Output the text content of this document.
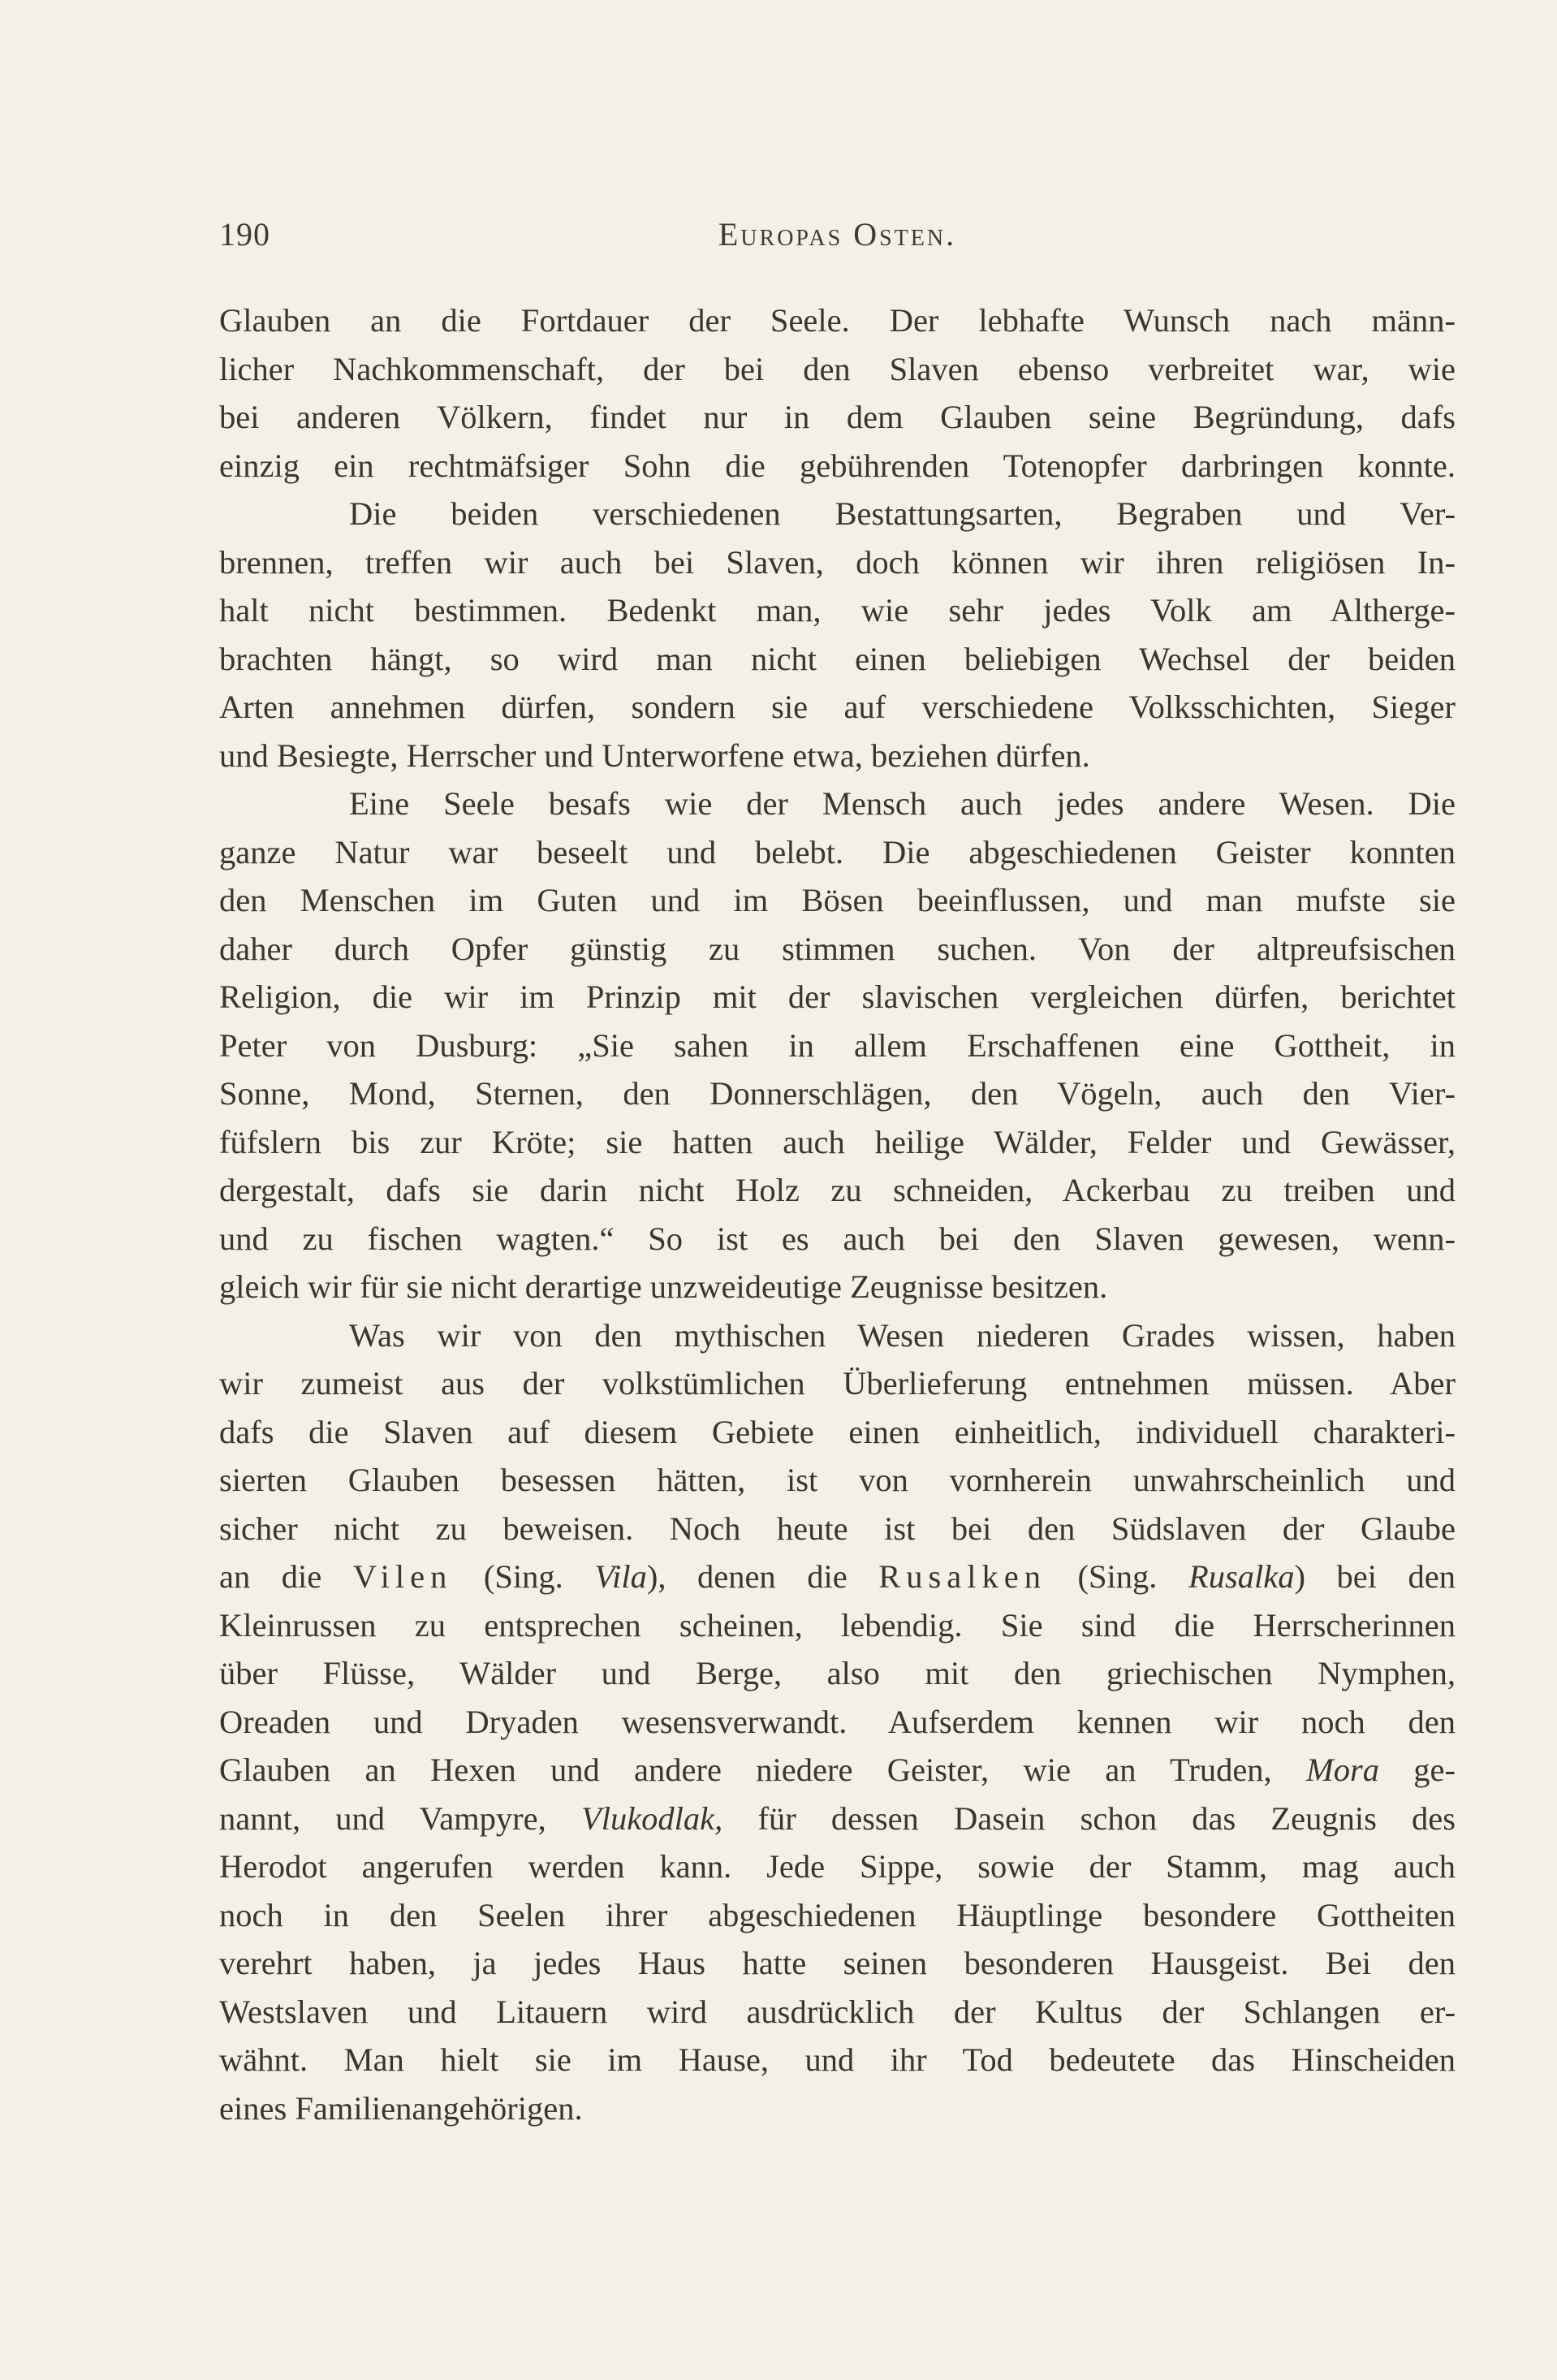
190	Europas Osten.
Glauben an die Fortdauer der Seele. Der lebhafte Wunsch nach männ-
licher Nachkommenschaft, der bei den Slaven ebenso verbreitet war, wie
bei anderen Völkern, findet nur in dem Glauben seine Begründung, dafs
einzig ein rechtmäfsiger Sohn die gebührenden Totenopfer darbringen konnte.
Die beiden verschiedenen Bestattungsarten, Begraben und Ver-
brennen, treffen wir auch bei Slaven, doch können wir ihren religiösen In-
halt nicht bestimmen. Bedenkt man, wie sehr jedes Volk am Altherge-
brachten hängt, so wird man nicht einen beliebigen Wechsel der beiden
Arten annehmen dürfen, sondern sie auf verschiedene Volksschichten, Sieger
und Besiegte, Herrscher und Unterworfene etwa, beziehen dürfen.
Eine Seele besafs wie der Mensch auch jedes andere Wesen. Die
ganze Natur war beseelt und belebt. Die abgeschiedenen Geister konnten
den Menschen im Guten und im Bösen beeinflussen, und man mufste sie
daher durch Opfer günstig zu stimmen suchen. Von der altpreufsischen
Religion, die wir im Prinzip mit der slavischen vergleichen dürfen, berichtet
Peter von Dusburg: „Sie sahen in allem Erschaffenen eine Gottheit, in
Sonne, Mond, Sternen, den Donnerschlägen, den Vögeln, auch den Vier-
füfslern bis zur Kröte; sie hatten auch heilige Wälder, Felder und Gewässer,
dergestalt, dafs sie darin nicht Holz zu schneiden, Ackerbau zu treiben und
und zu fischen wagten.“ So ist es auch bei den Slaven gewesen, wenn-
gleich wir für sie nicht derartige unzweideutige Zeugnisse besitzen.
Was wir von den mythischen Wesen niederen Grades wissen, haben
wir zumeist aus der volkstümlichen Überlieferung entnehmen müssen. Aber
dafs die Slaven auf diesem Gebiete einen einheitlich, individuell charakteri-
sierten Glauben besessen hätten, ist von vornherein unwahrscheinlich und
sicher nicht zu beweisen. Noch heute ist bei den Südslaven der Glaube
an die Vilen (Sing. Vila), denen die Rusalken (Sing. Rusalka) bei den
Kleinrussen zu entsprechen scheinen, lebendig. Sie sind die Herrscherinnen
über Flüsse, Wälder und Berge, also mit den griechischen Nymphen,
Oreaden und Dryaden wesensverwandt. Aufserdem kennen wir noch den
Glauben an Hexen und andere niedere Geister, wie an Truden, Mora ge-
nannt, und Vampyre, Vlukodlak, für dessen Dasein schon das Zeugnis des
Herodot angerufen werden kann. Jede Sippe, sowie der Stamm, mag auch
noch in den Seelen ihrer abgeschiedenen Häuptlinge besondere Gottheiten
verehrt haben, ja jedes Haus hatte seinen besonderen Hausgeist. Bei den
Westslaven und Litauern wird ausdrücklich der Kultus der Schlangen er-
wähnt. Man hielt sie im Hause, und ihr Tod bedeutete das Hinscheiden
eines Familienangehörigen.
